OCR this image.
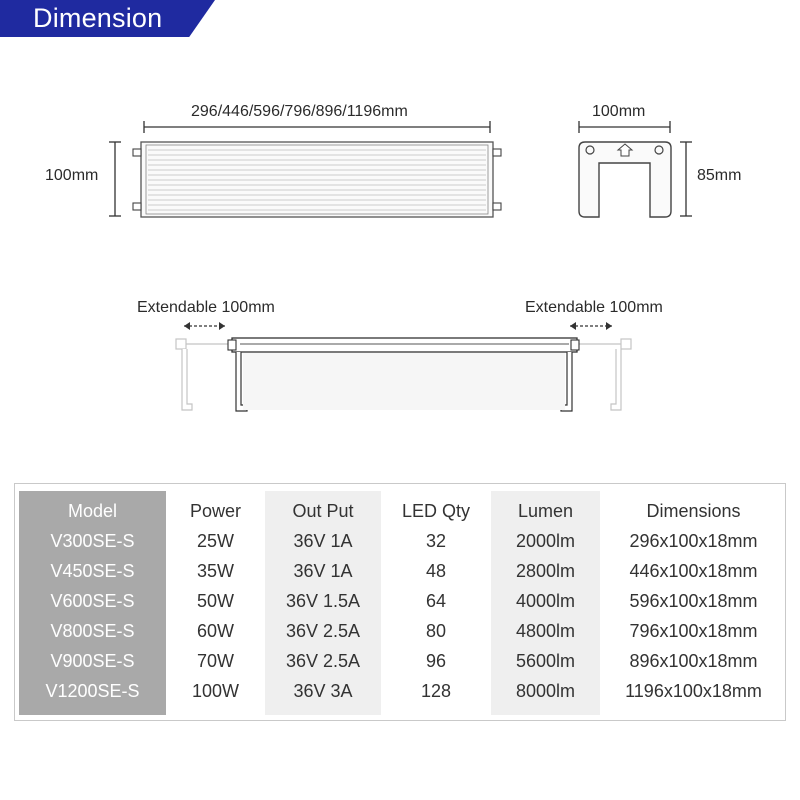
Dimension
296/446/596/796/896/1196mm
100mm
100mm
85mm
Extendable 100mm	Extendable 100mm
Model	Power	Out Put	LED Qty	Lumen	Dimensions
V300SE-S	25W	36V 1A	32	2000lm	296x100x18mm
V450SE-S	35W	36V 1A	48	2800lm	446x100x18mm
V600SE-S	50W	36V 1.5A	64	4000lm	596x100x18mm
V800SE-S	60W	36V 2.5A	80	4800lm	796x100x18mm
V900SE-S	70W	36V 2.5A	96	5600lm	896x100x18mm
V1200SE-S	100W	36V 3A	128	8000lm	1196x100x18mm
